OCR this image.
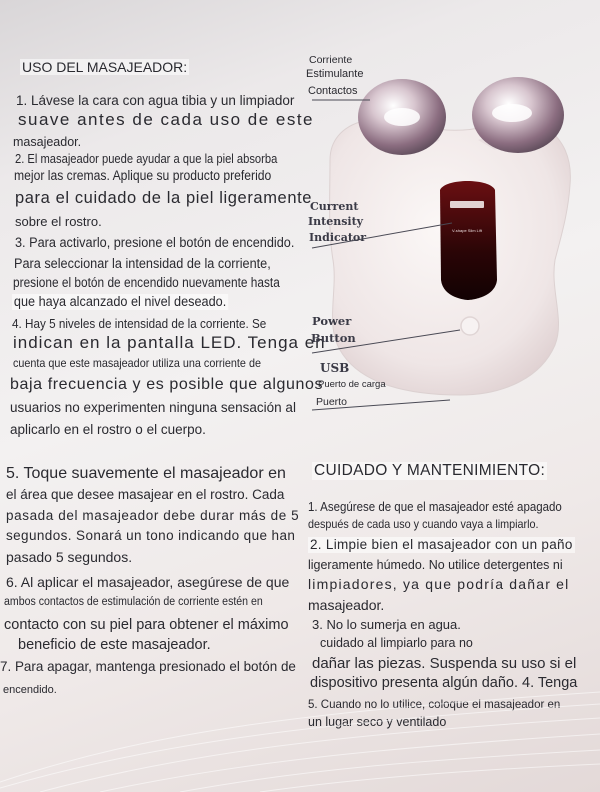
USO DEL MASAJEADOR:
1. Lávese la cara con agua tibia y un limpiador
suave antes de cada uso de este
masajeador.
2. El masajeador puede ayudar a que la piel absorba
mejor las cremas. Aplique su producto preferido
para el cuidado de la piel ligeramente
sobre el rostro.
3. Para activarlo, presione el botón de encendido.
Para seleccionar la intensidad de la corriente,
presione el botón de encendido nuevamente hasta
que haya alcanzado el nivel deseado.
4. Hay 5 niveles de intensidad de la corriente. Se
indican en la pantalla LED. Tenga en
cuenta que este masajeador utiliza una corriente de
baja frecuencia y es posible que algunos
usuarios no experimenten ninguna sensación al
aplicarlo en el rostro o el cuerpo.
V-shape Slim Lift
Corriente
Estimulante
Contactos
Current
Intensity
Indicator
Power
Button
USB
Puerto de carga
Puerto
5. Toque suavemente el masajeador en
el área que desee masajear en el rostro. Cada
pasada del masajeador debe durar más de 5
segundos. Sonará un tono indicando que han
pasado 5 segundos.
6. Al aplicar el masajeador, asegúrese de que
ambos contactos de estimulación de corriente estén en
contacto con su piel para obtener el máximo
beneficio de este masajeador.
7. Para apagar, mantenga presionado el botón de
encendido.
CUIDADO Y MANTENIMIENTO:
1. Asegúrese de que el masajeador esté apagado
después de cada uso y cuando vaya a limpiarlo.
2. Limpie bien el masajeador con un paño
ligeramente húmedo. No utilice detergentes ni
limpiadores, ya que podría dañar el
masajeador.
3. No lo sumerja en agua.
cuidado al limpiarlo para no
dañar las piezas. Suspenda su uso si el
dispositivo presenta algún daño. 4. Tenga
5. Cuando no lo utilice, coloque el masajeador en
un lugar seco y ventilado
